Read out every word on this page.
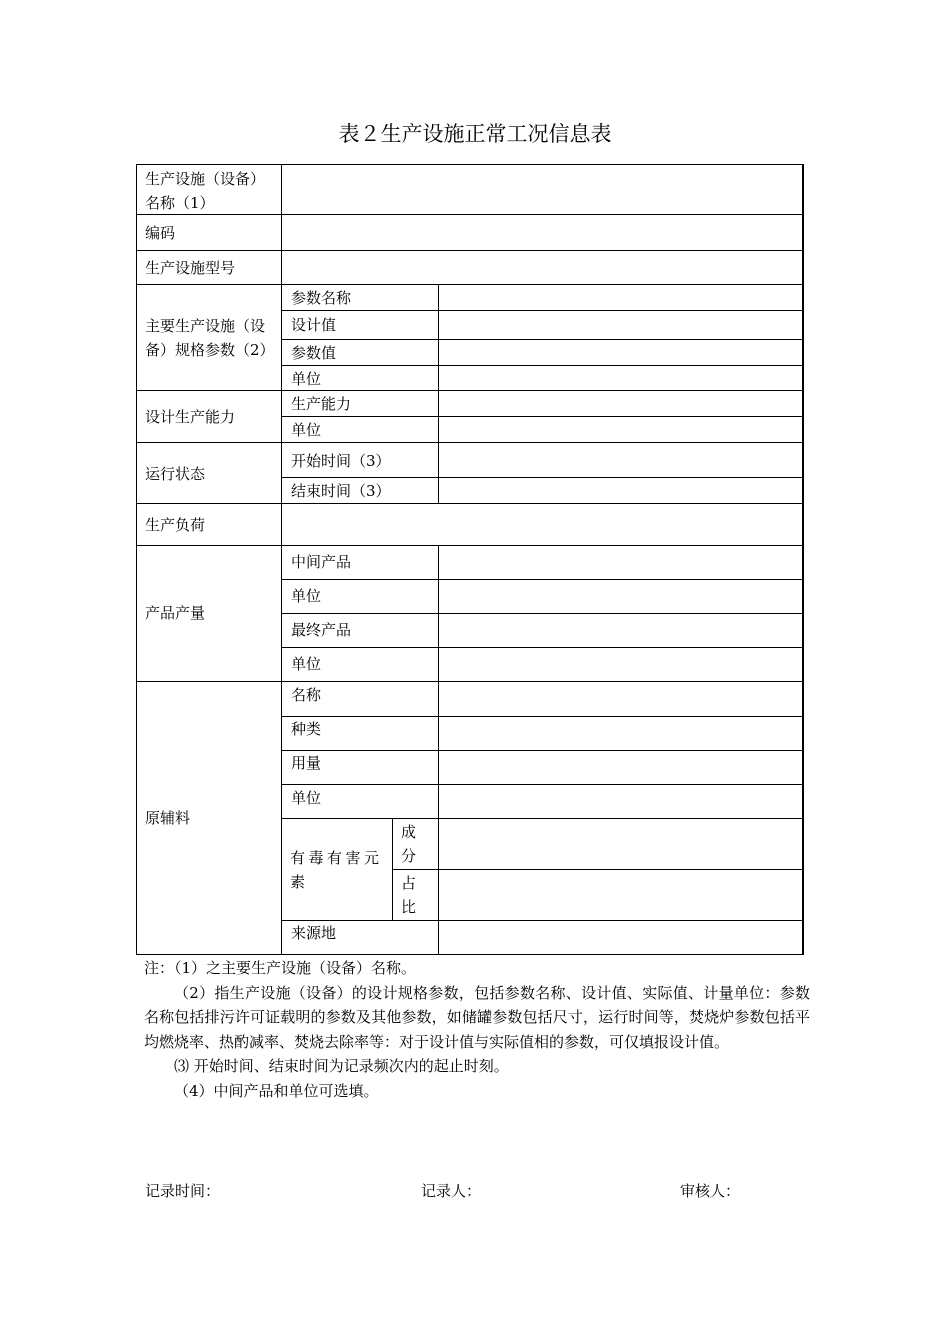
表２生产设施正常工况信息表
生产设施（设备）名称（1）
编码
生产设施型号
主要生产设施（设备）规格参数（2）
设计生产能力
运行状态
生产负荷
产品产量
原辅料
参数名称
设计值
参数值
单位
生产能力
单位
开始时间（3）
结束时间（3）
中间产品
单位
最终产品
单位
名称
种类
用量
单位
有毒有害元素
成分
占比
来源地

注：（1）之主要生产设施（设备）名称。

（2）指生产设施（设备）的设计规格参数，包括参数名称、设计值、实际值、计量单位：参数名称包括排污许可证载明的参数及其他参数，如储罐参数包括尺寸，运行时间等，焚烧炉参数包括平均燃烧率、热酌减率、焚烧去除率等：对于设计值与实际值相的参数，可仅填报设计值。

⑶ 开始时间、结束时间为记录频次内的起止时刻。

（4）中间产品和单位可选填。

记录时间：	记录人：	审核人：
